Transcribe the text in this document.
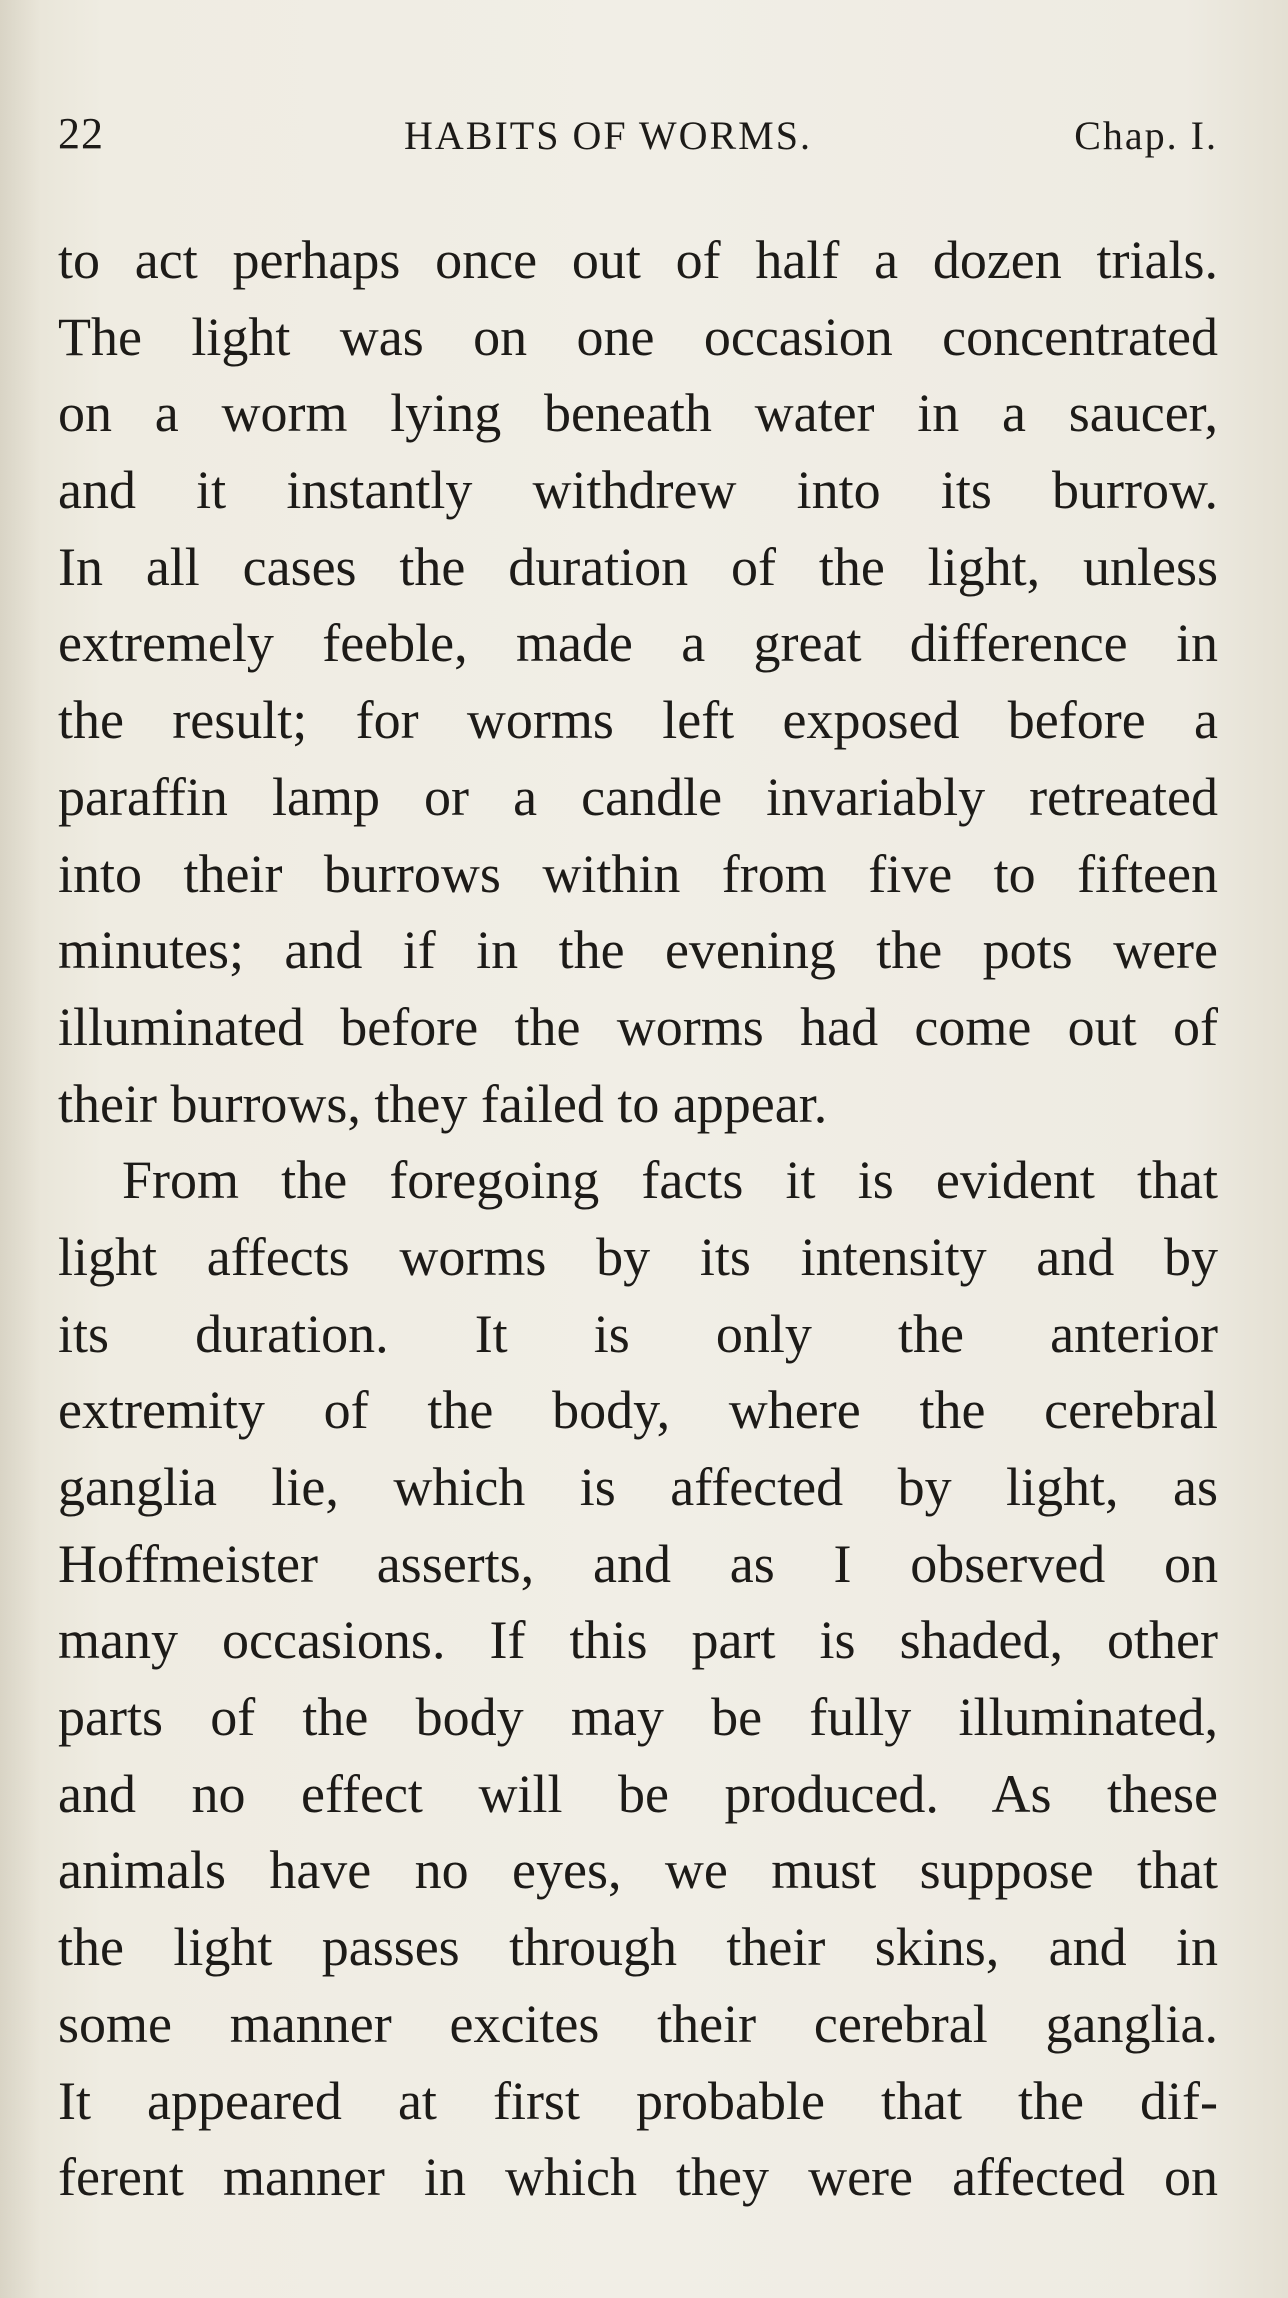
22	HABITS OF WORMS.	Chap. I.
to act perhaps once out of half a dozen trials.
The light was on one occasion concentrated
on a worm lying beneath water in a saucer,
and it instantly withdrew into its burrow.
In all cases the duration of the light, unless
extremely feeble, made a great difference in
the result; for worms left exposed before a
paraffin lamp or a candle invariably retreated
into their burrows within from five to fifteen
minutes; and if in the evening the pots were
illuminated before the worms had come out of
their burrows, they failed to appear.
From the foregoing facts it is evident that
light affects worms by its intensity and by
its duration. It is only the anterior
extremity of the body, where the cerebral
ganglia lie, which is affected by light, as
Hoffmeister asserts, and as I observed on
many occasions. If this part is shaded, other
parts of the body may be fully illuminated,
and no effect will be produced. As these
animals have no eyes, we must suppose that
the light passes through their skins, and in
some manner excites their cerebral ganglia.
It appeared at first probable that the dif-
ferent manner in which they were affected on
